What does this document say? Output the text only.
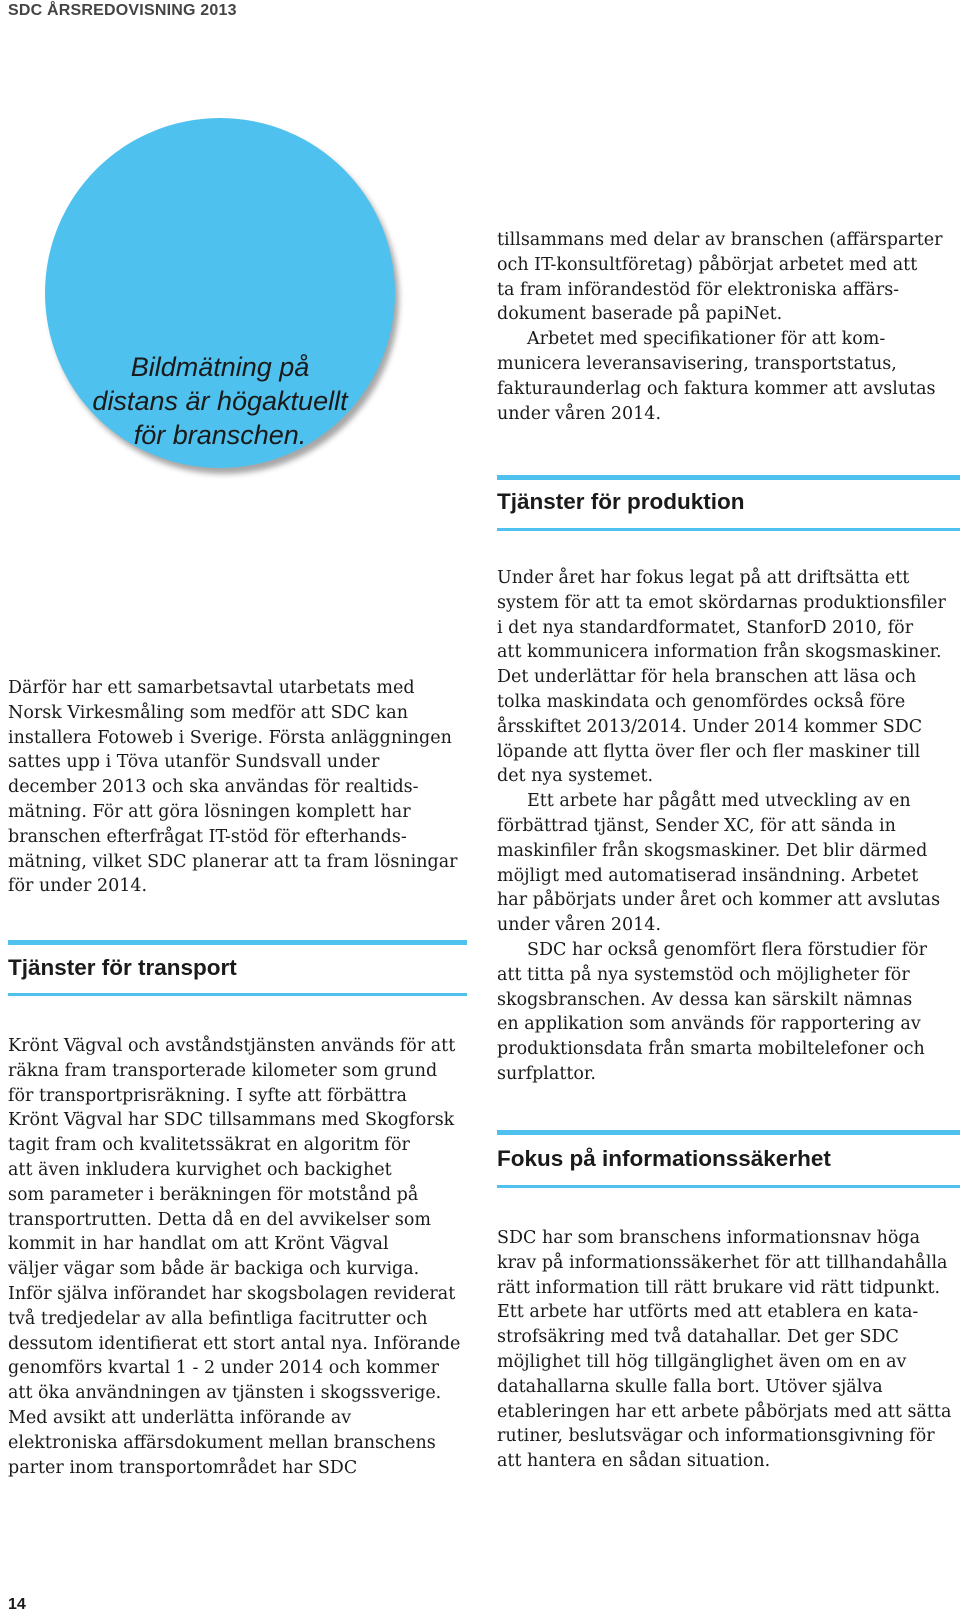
SDC ÅRSREDOVISNING 2013
Bildmätning på
distans är högaktuellt
för branschen.

tillsammans med delar av branschen (affärsparter

och IT-konsultföretag) påbörjat arbetet med att

ta fram införandestöd för elektroniska affärs-

dokument baserade på papiNet.

Arbetet med specifikationer för att kom-

municera leveransavisering, transportstatus,

fakturaunderlag och faktura kommer att avslutas

under våren 2014.

Tjänster för produktion

Under året har fokus legat på att driftsätta ett

system för att ta emot skördarnas produktionsfiler

i det nya standardformatet, StanforD 2010, för

att kommunicera information från skogsmaskiner.

Det underlättar för hela branschen att läsa och

tolka maskindata och genomfördes också före

årsskiftet 2013/2014. Under 2014 kommer SDC

löpande att flytta över fler och fler maskiner till

det nya systemet.

Ett arbete har pågått med utveckling av en

förbättrad tjänst, Sender XC, för att sända in

maskinfiler från skogsmaskiner. Det blir därmed

möjligt med automatiserad insändning. Arbetet

har påbörjats under året och kommer att avslutas

under våren 2014.

SDC har också genomfört flera förstudier för

att titta på nya systemstöd och möjligheter för

skogsbranschen. Av dessa kan särskilt nämnas

en applikation som används för rapportering av

produktionsdata från smarta mobiltelefoner och

surfplattor.

Därför har ett samarbetsavtal utarbetats med

Norsk Virkesmåling som medför att SDC kan

installera Fotoweb i Sverige. Första anläggningen

sattes upp i Töva utanför Sundsvall under

december 2013 och ska användas för realtids-

mätning. För att göra lösningen komplett har

branschen efterfrågat IT-stöd för efterhands-

mätning, vilket SDC planerar att ta fram lösningar

för under 2014.

Tjänster för transport

Krönt Vägval och avståndstjänsten används för att

räkna fram transporterade kilometer som grund

för transportprisräkning. I syfte att förbättra

Krönt Vägval har SDC tillsammans med Skogforsk

tagit fram och kvalitetssäkrat en algoritm för

att även inkludera kurvighet och backighet

som parameter i beräkningen för motstånd på

transportrutten. Detta då en del avvikelser som

kommit in har handlat om att Krönt Vägval

väljer vägar som både är backiga och kurviga.

Inför själva införandet har skogsbolagen reviderat

två tredjedelar av alla befintliga facitrutter och

dessutom identifierat ett stort antal nya. Införande

genomförs kvartal 1 - 2 under 2014 och kommer

att öka användningen av tjänsten i skogssverige.

Med avsikt att underlätta införande av

elektroniska affärsdokument mellan branschens

parter inom transportområdet har SDC

Fokus på informationssäkerhet

SDC har som branschens informationsnav höga

krav på informationssäkerhet för att tillhandahålla

rätt information till rätt brukare vid rätt tidpunkt.

Ett arbete har utförts med att etablera en kata-

strofsäkring med två datahallar. Det ger SDC

möjlighet till hög tillgänglighet även om en av

datahallarna skulle falla bort. Utöver själva

etableringen har ett arbete påbörjats med att sätta

rutiner, beslutsvägar och informationsgivning för

att hantera en sådan situation.

14
